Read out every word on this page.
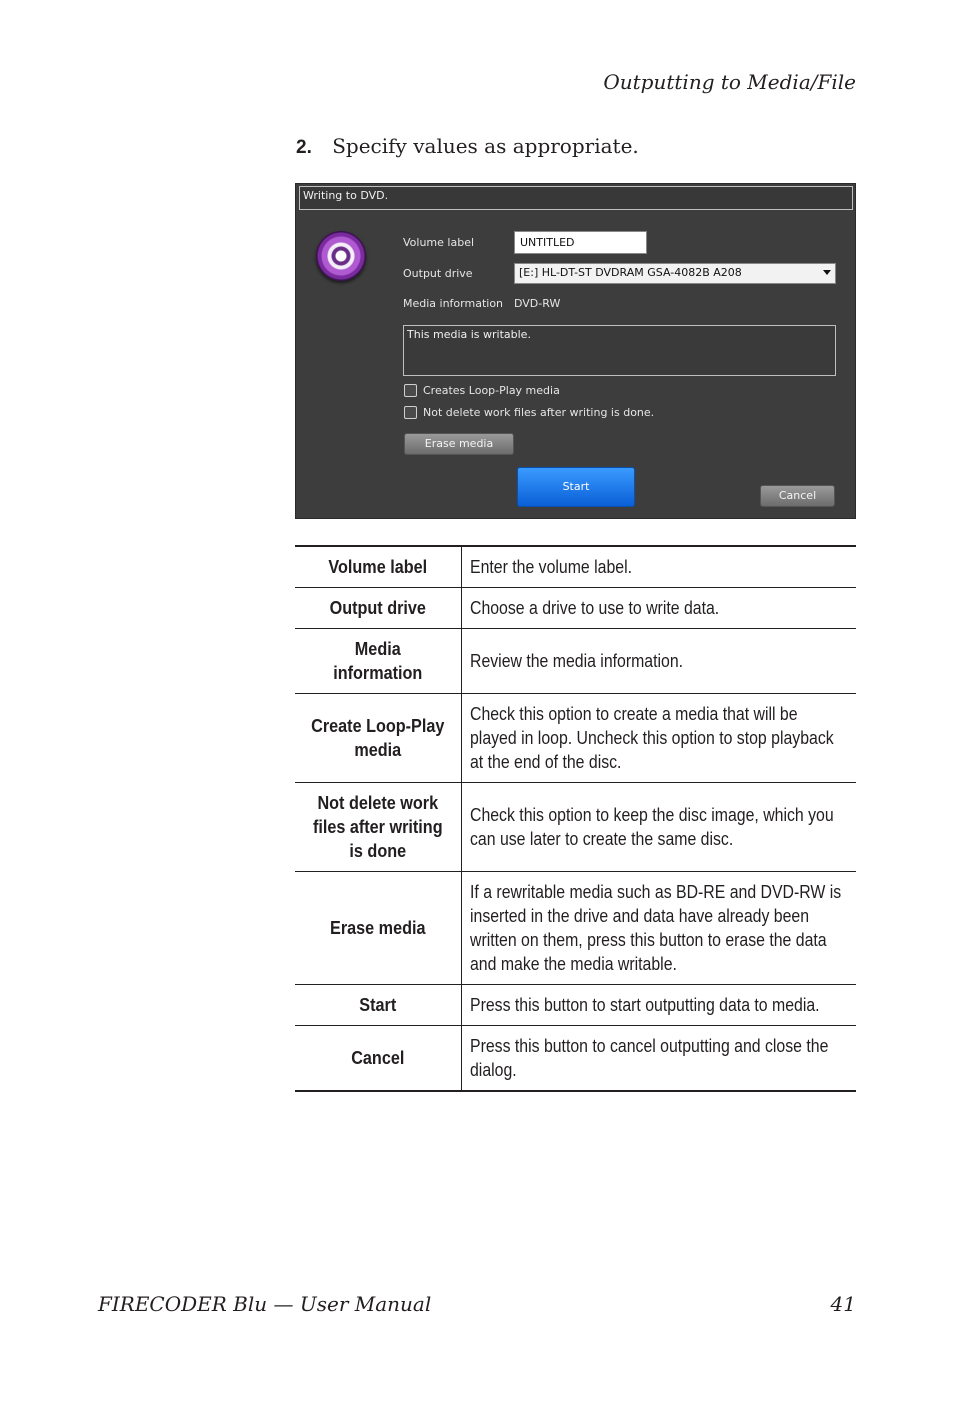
Outputting to Media/File
2. Specify values as appropriate.
Writing to DVD.
Volume label
UNTITLED
Output drive	[E:] HL-DT-ST DVDRAM GSA-4082B A208
Media information DVD-RW
This media is writable.
Creates Loop-Play media
Not delete work files after writing is done.
Erase media
Start
Cancel
Volume label	Enter the volume label.
Output drive	Choose a drive to use to write data.
Media information	Review the media information.
Create Loop-Play media	Check this option to create a media that will be played in loop. Uncheck this option to stop playback at the end of the disc.
Not delete work files after writing is done	Check this option to keep the disc image, which you can use later to create the same disc.
Erase media	If a rewritable media such as BD-RE and DVD-RW is inserted in the drive and data have already been written on them, press this button to erase the data and make the media writable.
Start	Press this button to start outputting data to media.
Cancel	Press this button to cancel outputting and close the dialog.
FIRECODER Blu — User Manual	41
